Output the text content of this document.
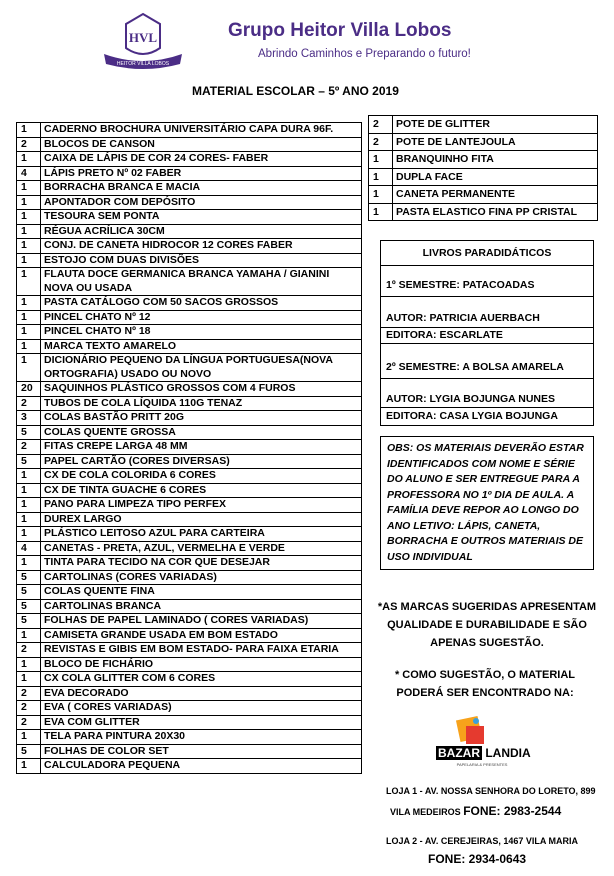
HVL
HEITOR VILLA LOBOS
Grupo Heitor Villa Lobos
Abrindo Caminhos e Preparando o futuro!
MATERIAL ESCOLAR – 5º ANO 2019
1	CADERNO BROCHURA UNIVERSITÁRIO CAPA DURA 96F.
2	BLOCOS DE CANSON
1	CAIXA DE LÁPIS DE COR 24 CORES- FABER
4	LÁPIS PRETO Nº 02 FABER
1	BORRACHA BRANCA E MACIA
1	APONTADOR COM DEPÓSITO
1	TESOURA SEM PONTA
1	RÉGUA ACRÍLICA 30CM
1	CONJ. DE CANETA HIDROCOR 12 CORES FABER
1	ESTOJO COM DUAS DIVISÕES
1	FLAUTA DOCE GERMANICA BRANCA YAMAHA / GIANINI NOVA OU USADA
1	PASTA CATÁLOGO COM 50 SACOS GROSSOS
1	PINCEL CHATO Nº 12
1	PINCEL CHATO Nº 18
1	MARCA TEXTO AMARELO
1	DICIONÁRIO PEQUENO DA LÍNGUA PORTUGUESA(NOVA ORTOGRAFIA) USADO OU NOVO
20	SAQUINHOS PLÁSTICO GROSSOS COM 4 FUROS
2	TUBOS DE COLA LÍQUIDA 110G TENAZ
3	COLAS BASTÃO PRITT 20G
5	COLAS QUENTE GROSSA
2	FITAS CREPE LARGA 48 MM
5	PAPEL CARTÃO (CORES DIVERSAS)
1	CX DE COLA COLORIDA 6 CORES
1	CX DE TINTA GUACHE 6 CORES
1	PANO PARA LIMPEZA TIPO PERFEX
1	DUREX LARGO
1	PLÁSTICO LEITOSO AZUL PARA CARTEIRA
4	CANETAS - PRETA, AZUL, VERMELHA E VERDE
1	TINTA PARA TECIDO NA COR QUE DESEJAR
5	CARTOLINAS (CORES VARIADAS)
5	COLAS QUENTE FINA
5	CARTOLINAS BRANCA
5	FOLHAS DE PAPEL LAMINADO ( CORES VARIADAS)
1	CAMISETA GRANDE USADA EM BOM ESTADO
2	REVISTAS E GIBIS EM BOM ESTADO- PARA FAIXA ETARIA
1	BLOCO DE FICHÁRIO
1	CX COLA GLITTER COM 6 CORES
2	EVA DECORADO
2	EVA ( CORES VARIADAS)
2	EVA COM GLITTER
1	TELA PARA PINTURA 20X30
5	FOLHAS DE COLOR SET
1	CALCULADORA PEQUENA
2	POTE DE GLITTER
2	POTE DE LANTEJOULA
1	BRANQUINHO FITA
1	DUPLA FACE
1	CANETA PERMANENTE
1	PASTA ELASTICO FINA PP CRISTAL
LIVROS PARADIDÁTICOS
1º SEMESTRE: PATACOADAS
AUTOR: PATRICIA AUERBACH
EDITORA: ESCARLATE
2º SEMESTRE: A BOLSA AMARELA
AUTOR: LYGIA BOJUNGA NUNES
EDITORA: CASA LYGIA BOJUNGA
OBS: OS MATERIAIS DEVERÃO ESTAR IDENTIFICADOS COM NOME E SÉRIE DO ALUNO E SER ENTREGUE PARA A PROFESSORA NO 1º DIA DE AULA. A FAMÍLIA DEVE REPOR AO LONGO DO ANO LETIVO: LÁPIS, CANETA, BORRACHA E OUTROS MATERIAIS DE USO INDIVIDUAL
*AS MARCAS SUGERIDAS APRESENTAM QUALIDADE E DURABILIDADE E SÃO APENAS SUGESTÃO.
* COMO SUGESTÃO, O MATERIAL PODERÁ SER ENCONTRADO NA:
BAZAR LANDIA
PAPELARIA & PRESENTES
LOJA 1 - AV. NOSSA SENHORA DO LORETO, 899
VILA MEDEIROS FONE: 2983-2544
LOJA 2 - AV. CEREJEIRAS, 1467 VILA MARIA
FONE: 2934-0643
